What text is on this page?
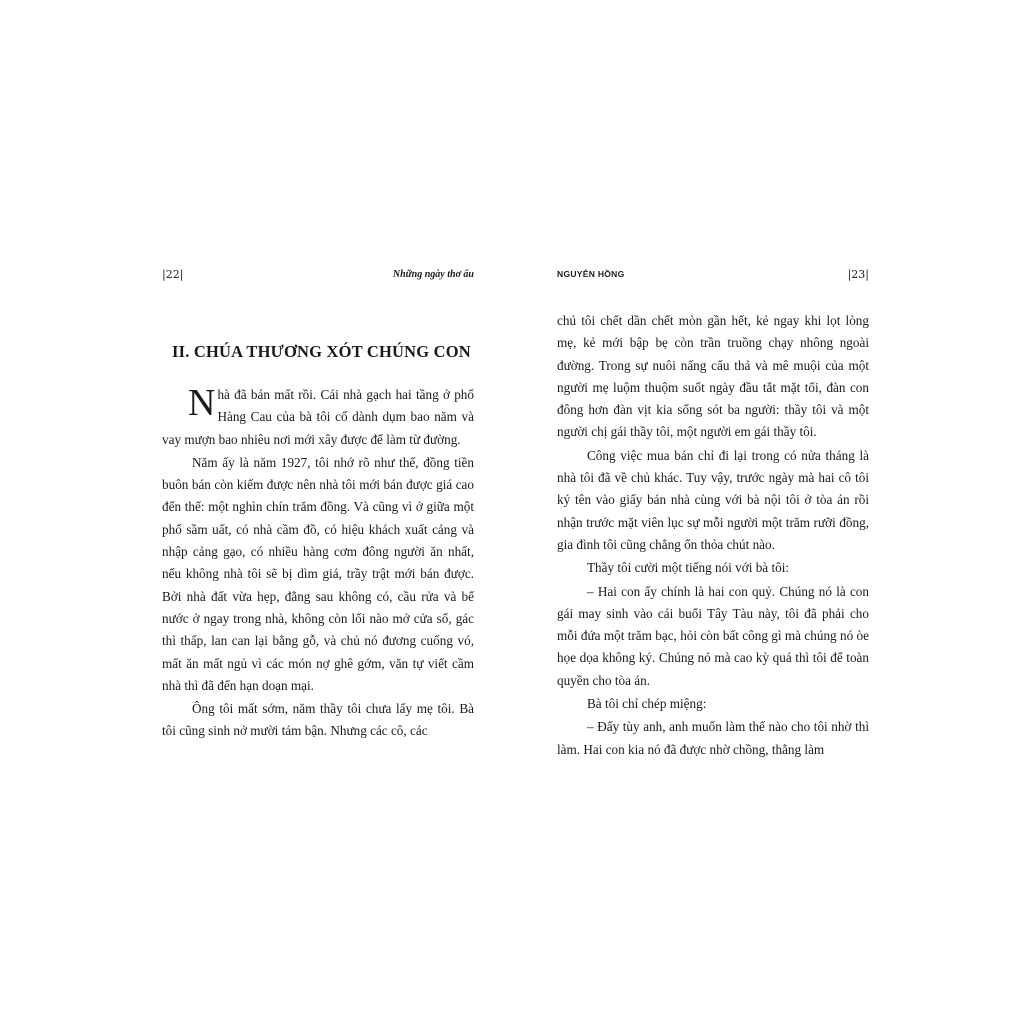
|22|	Những ngày thơ ấu
II. CHÚA THƯƠNG XÓT CHÚNG CON

Nhà đã bán mất rồi. Cái nhà gạch hai tầng ở phố Hàng Cau của bà tôi cố dành dụm bao năm và vay mượn bao nhiêu nơi mới xây được để làm từ đường.

Năm ấy là năm 1927, tôi nhớ rõ như thế, đồng tiền buôn bán còn kiếm được nên nhà tôi mới bán được giá cao đến thế: một nghìn chín trăm đồng. Và cũng vì ở giữa một phố sầm uất, có nhà cầm đồ, có hiệu khách xuất cảng và nhập cảng gạo, có nhiều hàng cơm đông người ăn nhất, nếu không nhà tôi sẽ bị dìm giá, trầy trật mới bán được. Bởi nhà đất vừa hẹp, đằng sau không có, cầu rửa và bể nước ở ngay trong nhà, không còn lối nào mở cửa sổ, gác thì thấp, lan can lại bằng gỗ, và chủ nó đương cuống vó, mất ăn mất ngủ vì các món nợ ghê gớm, văn tự viết cầm nhà thì đã đến hạn doạn mại.

Ông tôi mất sớm, năm thầy tôi chưa lấy mẹ tôi. Bà tôi cũng sinh nở mười tám bận. Nhưng các cô, các

NGUYÊN HỒNG	|23|

chú tôi chết dần chết mòn gần hết, kẻ ngay khi lọt lòng mẹ, kẻ mới bập bẹ còn trần truồng chạy nhông ngoài đường. Trong sự nuôi nấng cẩu thả và mê muội của một người mẹ luộm thuộm suốt ngày đầu tắt mặt tối, đàn con đông hơn đàn vịt kia sống sót ba người: thầy tôi và một người chị gái thầy tôi, một người em gái thầy tôi.

Công việc mua bán chỉ đi lại trong có nửa tháng là nhà tôi đã về chủ khác. Tuy vậy, trước ngày mà hai cô tôi ký tên vào giấy bán nhà cùng với bà nội tôi ở tòa án rồi nhận trước mặt viên lục sự mỗi người một trăm rưỡi đồng, gia đình tôi cũng chẳng ổn thỏa chút nào.

Thầy tôi cười một tiếng nói với bà tôi:

– Hai con ấy chính là hai con quỷ. Chúng nó là con gái may sinh vào cái buổi Tây Tàu này, tôi đã phải cho mỗi đứa một trăm bạc, hỏi còn bất công gì mà chúng nó òe họe dọa không ký. Chúng nó mà cao kỳ quá thì tôi để toàn quyền cho tòa án.

Bà tôi chỉ chép miệng:

– Đấy tùy anh, anh muốn làm thế nào cho tôi nhờ thì làm. Hai con kia nó đã được nhờ chồng, thằng làm
